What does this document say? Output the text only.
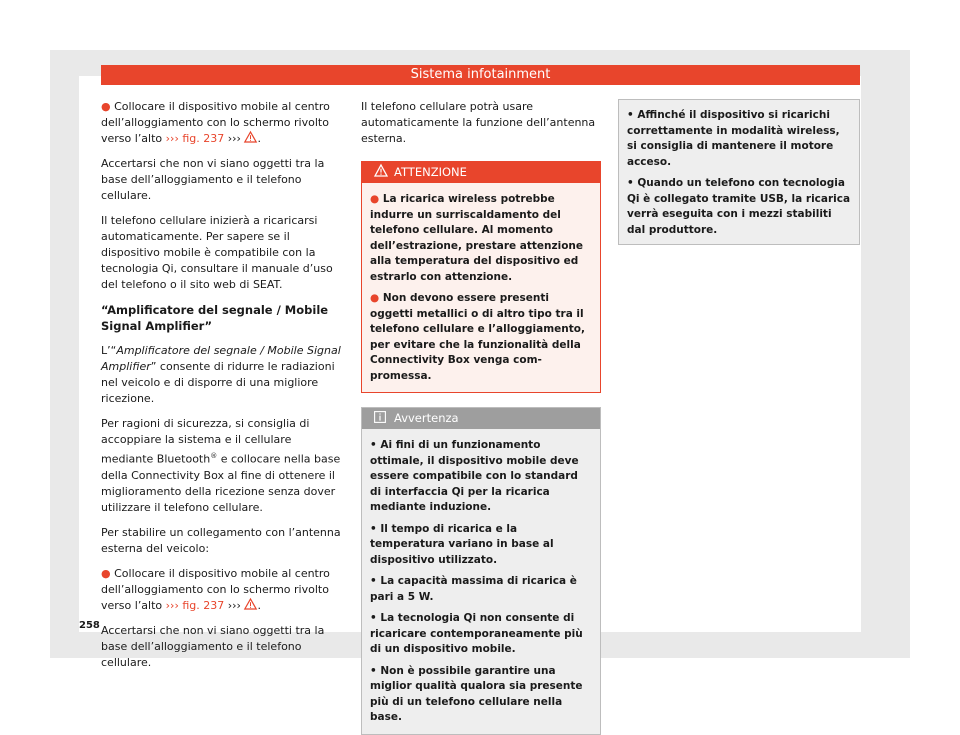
Sistema infotainment

● Collocare il dispositivo mobile al centro dell’alloggiamento con lo schermo rivolto verso l’alto ››› fig. 237 ››› .

Accertarsi che non vi siano oggetti tra la base dell’alloggiamento e il telefono cellulare.

Il telefono cellulare inizierà a ricaricarsi automaticamente. Per sapere se il dispositivo mobile è compatibile con la tecnologia Qi, consultare il manuale d’uso del telefono o il sito web di SEAT.

“Amplificatore del segnale / Mobile Signal Amplifier”

L’“Amplificatore del segnale / Mobile Signal Amplifier” consente di ridurre le radiazioni nel veicolo e di disporre di una migliore ricezione.

Per ragioni di sicurezza, si consiglia di accoppiare la sistema e il cellulare mediante Bluetooth® e collocare nella base della Connectivity Box al fine di ottenere il miglioramento della ricezione senza dover utilizzare il telefono cellulare.

Per stabilire un collegamento con l’antenna esterna del veicolo:

● Collocare il dispositivo mobile al centro dell’alloggiamento con lo schermo rivolto verso l’alto ››› fig. 237 ››› .

Accertarsi che non vi siano oggetti tra la base dell’alloggiamento e il telefono cellulare.

Il telefono cellulare potrà usare automaticamente la funzione dell’antenna esterna.

ATTENZIONE

● La ricarica wireless potrebbe indurre un surriscaldamento del telefono cellulare. Al momento dell’estrazione, prestare attenzione alla temperatura del dispositivo ed estrarlo con attenzione.

● Non devono essere presenti oggetti metallici o di altro tipo tra il telefono cellulare e l’alloggiamento, per evitare che la funzionalità della Connectivity Box venga compromessa.

Avvertenza

• Ai fini di un funzionamento ottimale, il dispositivo mobile deve essere compatibile con lo standard di interfaccia Qi per la ricarica mediante induzione.

• Il tempo di ricarica e la temperatura variano in base al dispositivo utilizzato.

• La capacità massima di ricarica è pari a 5 W.

• La tecnologia Qi non consente di ricaricare contemporaneamente più di un dispositivo mobile.

• Non è possibile garantire una miglior qualità qualora sia presente più di un telefono cellulare nella base.

• Affinché il dispositivo si ricarichi correttamente in modalità wireless, si consiglia di mantenere il motore acceso.

• Quando un telefono con tecnologia Qi è collegato tramite USB, la ricarica verrà eseguita con i mezzi stabiliti dal produttore.

258
